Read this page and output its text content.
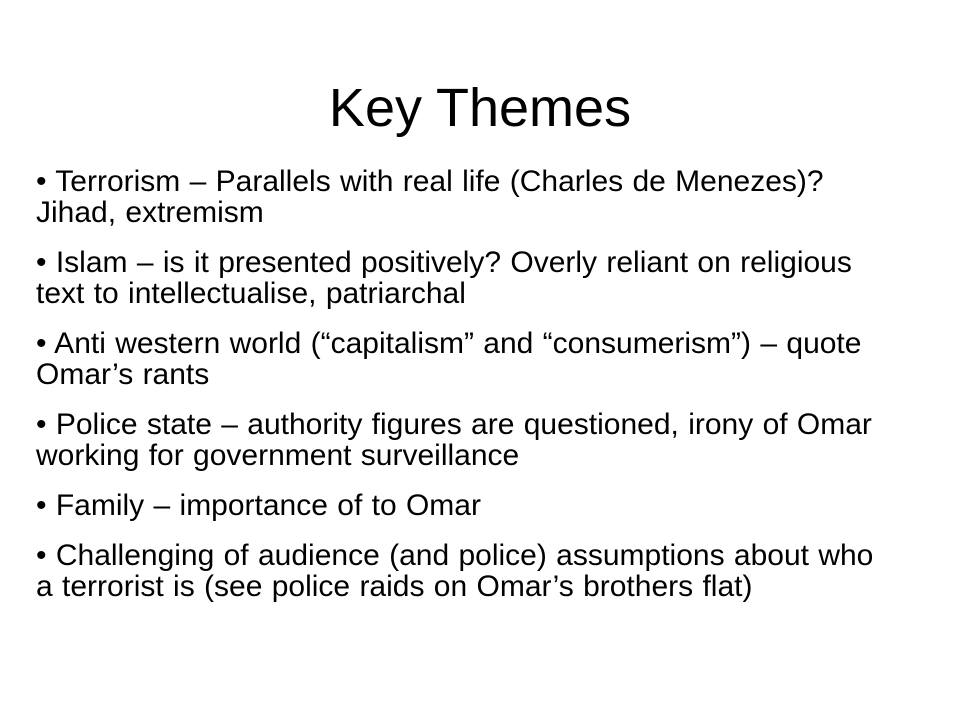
Key Themes
• Terrorism – Parallels with real life (Charles de Menezes)? Jihad, extremism
• Islam – is it presented positively? Overly reliant on religious text to intellectualise, patriarchal
• Anti western world (“capitalism” and “consumerism”) – quote Omar’s rants
• Police state – authority figures are questioned, irony of Omar working for government surveillance
• Family – importance of to Omar
• Challenging of audience (and police) assumptions about who a terrorist is (see police raids on Omar’s brothers flat)
